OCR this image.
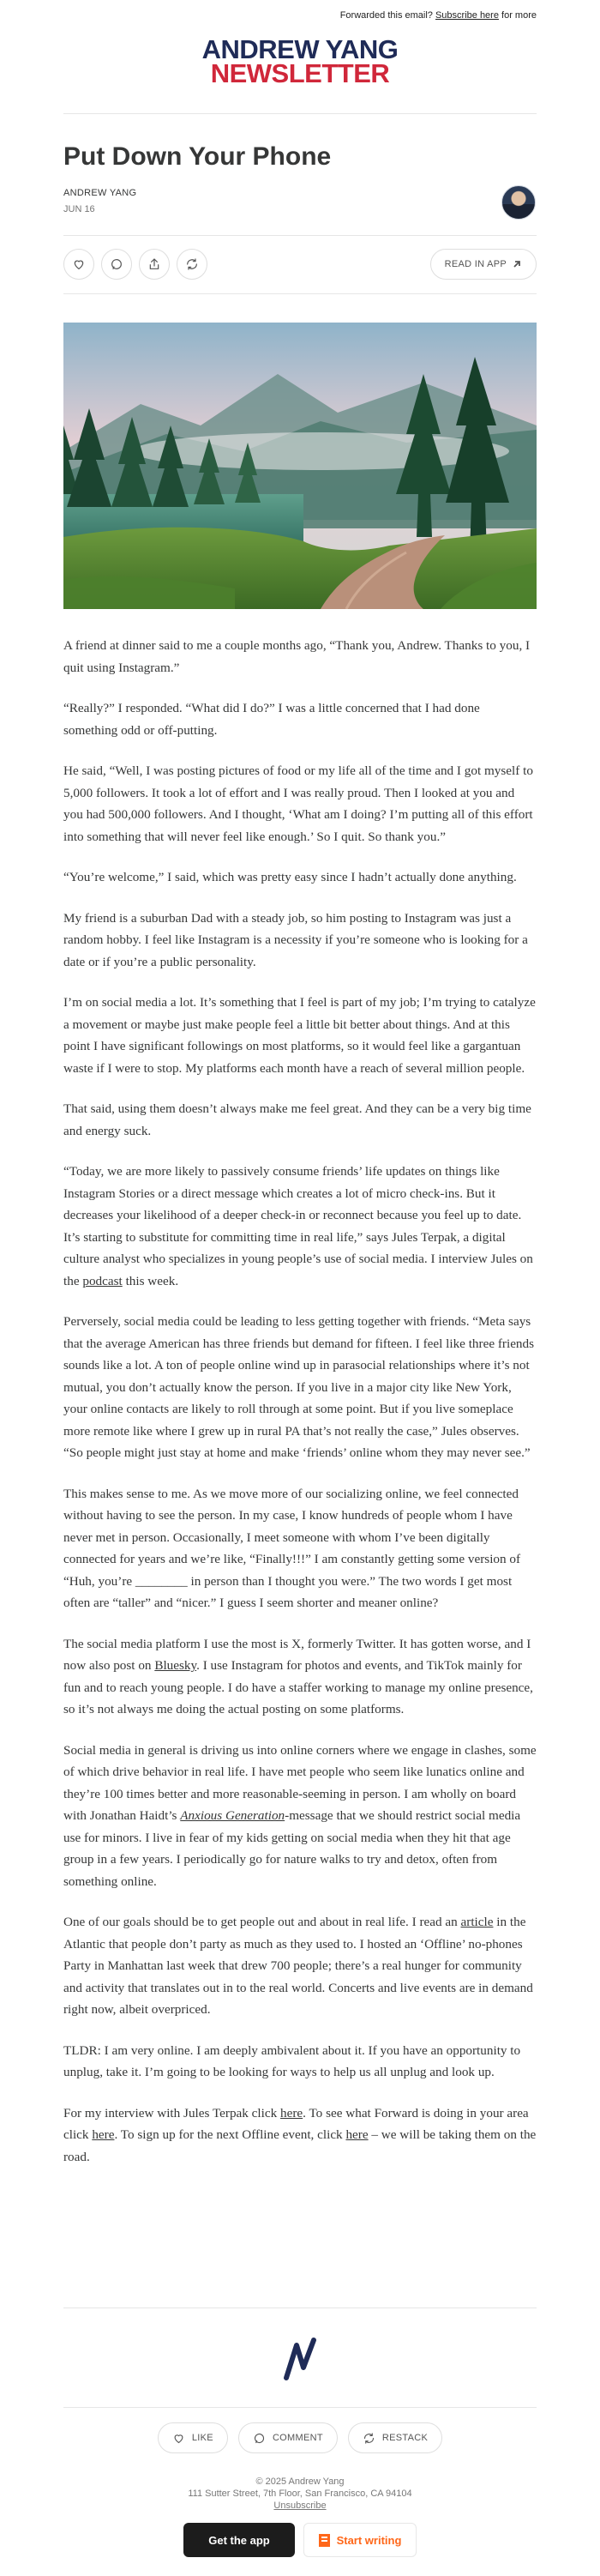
Forwarded this email? Subscribe here for more
ANDREW YANG
NEWSLETTER
Put Down Your Phone
ANDREW YANG
JUN 16
READ IN APP

A friend at dinner said to me a couple months ago, “Thank you, Andrew. Thanks to you, I quit using Instagram.”

“Really?” I responded. “What did I do?” I was a little concerned that I had done something odd or off-putting.

He said, “Well, I was posting pictures of food or my life all of the time and I got myself to 5,000 followers. It took a lot of effort and I was really proud. Then I looked at you and you had 500,000 followers. And I thought, ‘What am I doing? I’m putting all of this effort into something that will never feel like enough.’ So I quit. So thank you.”

“You’re welcome,” I said, which was pretty easy since I hadn’t actually done anything.

My friend is a suburban Dad with a steady job, so him posting to Instagram was just a random hobby. I feel like Instagram is a necessity if you’re someone who is looking for a date or if you’re a public personality.

I’m on social media a lot. It’s something that I feel is part of my job; I’m trying to catalyze a movement or maybe just make people feel a little bit better about things. And at this point I have significant followings on most platforms, so it would feel like a gargantuan waste if I were to stop. My platforms each month have a reach of several million people.

That said, using them doesn’t always make me feel great. And they can be a very big time and energy suck.

“Today, we are more likely to passively consume friends’ life updates on things like Instagram Stories or a direct message which creates a lot of micro check-ins. But it decreases your likelihood of a deeper check-in or reconnect because you feel up to date. It’s starting to substitute for committing time in real life,” says Jules Terpak, a digital culture analyst who specializes in young people’s use of social media. I interview Jules on the podcast this week.

Perversely, social media could be leading to less getting together with friends. “Meta says that the average American has three friends but demand for fifteen. I feel like three friends sounds like a lot. A ton of people online wind up in parasocial relationships where it’s not mutual, you don’t actually know the person. If you live in a major city like New York, your online contacts are likely to roll through at some point. But if you live someplace more remote like where I grew up in rural PA that’s not really the case,” Jules observes. “So people might just stay at home and make ‘friends’ online whom they may never see.”

This makes sense to me. As we move more of our socializing online, we feel connected without having to see the person. In my case, I know hundreds of people whom I have never met in person. Occasionally, I meet someone with whom I’ve been digitally connected for years and we’re like, “Finally!!!” I am constantly getting some version of “Huh, you’re ________ in person than I thought you were.” The two words I get most often are “taller” and “nicer.” I guess I seem shorter and meaner online?

The social media platform I use the most is X, formerly Twitter. It has gotten worse, and I now also post on Bluesky. I use Instagram for photos and events, and TikTok mainly for fun and to reach young people. I do have a staffer working to manage my online presence, so it’s not always me doing the actual posting on some platforms.

Social media in general is driving us into online corners where we engage in clashes, some of which drive behavior in real life. I have met people who seem like lunatics online and they’re 100 times better and more reasonable-seeming in person. I am wholly on board with Jonathan Haidt’s Anxious Generation-message that we should restrict social media use for minors. I live in fear of my kids getting on social media when they hit that age group in a few years. I periodically go for nature walks to try and detox, often from something online.

One of our goals should be to get people out and about in real life. I read an article in the Atlantic that people don’t party as much as they used to. I hosted an ‘Offline’ no-phones Party in Manhattan last week that drew 700 people; there’s a real hunger for community and activity that translates out in to the real world. Concerts and live events are in demand right now, albeit overpriced.

TLDR: I am very online. I am deeply ambivalent about it. If you have an opportunity to unplug, take it. I’m going to be looking for ways to help us all unplug and look up.

For my interview with Jules Terpak click here. To see what Forward is doing in your area click here. To sign up for the next Offline event, click here – we will be taking them on the road.

LIKE	COMMENT	RESTACK
© 2025 Andrew Yang
111 Sutter Street, 7th Floor, San Francisco, CA 94104
Unsubscribe
Get the app	Start writing
